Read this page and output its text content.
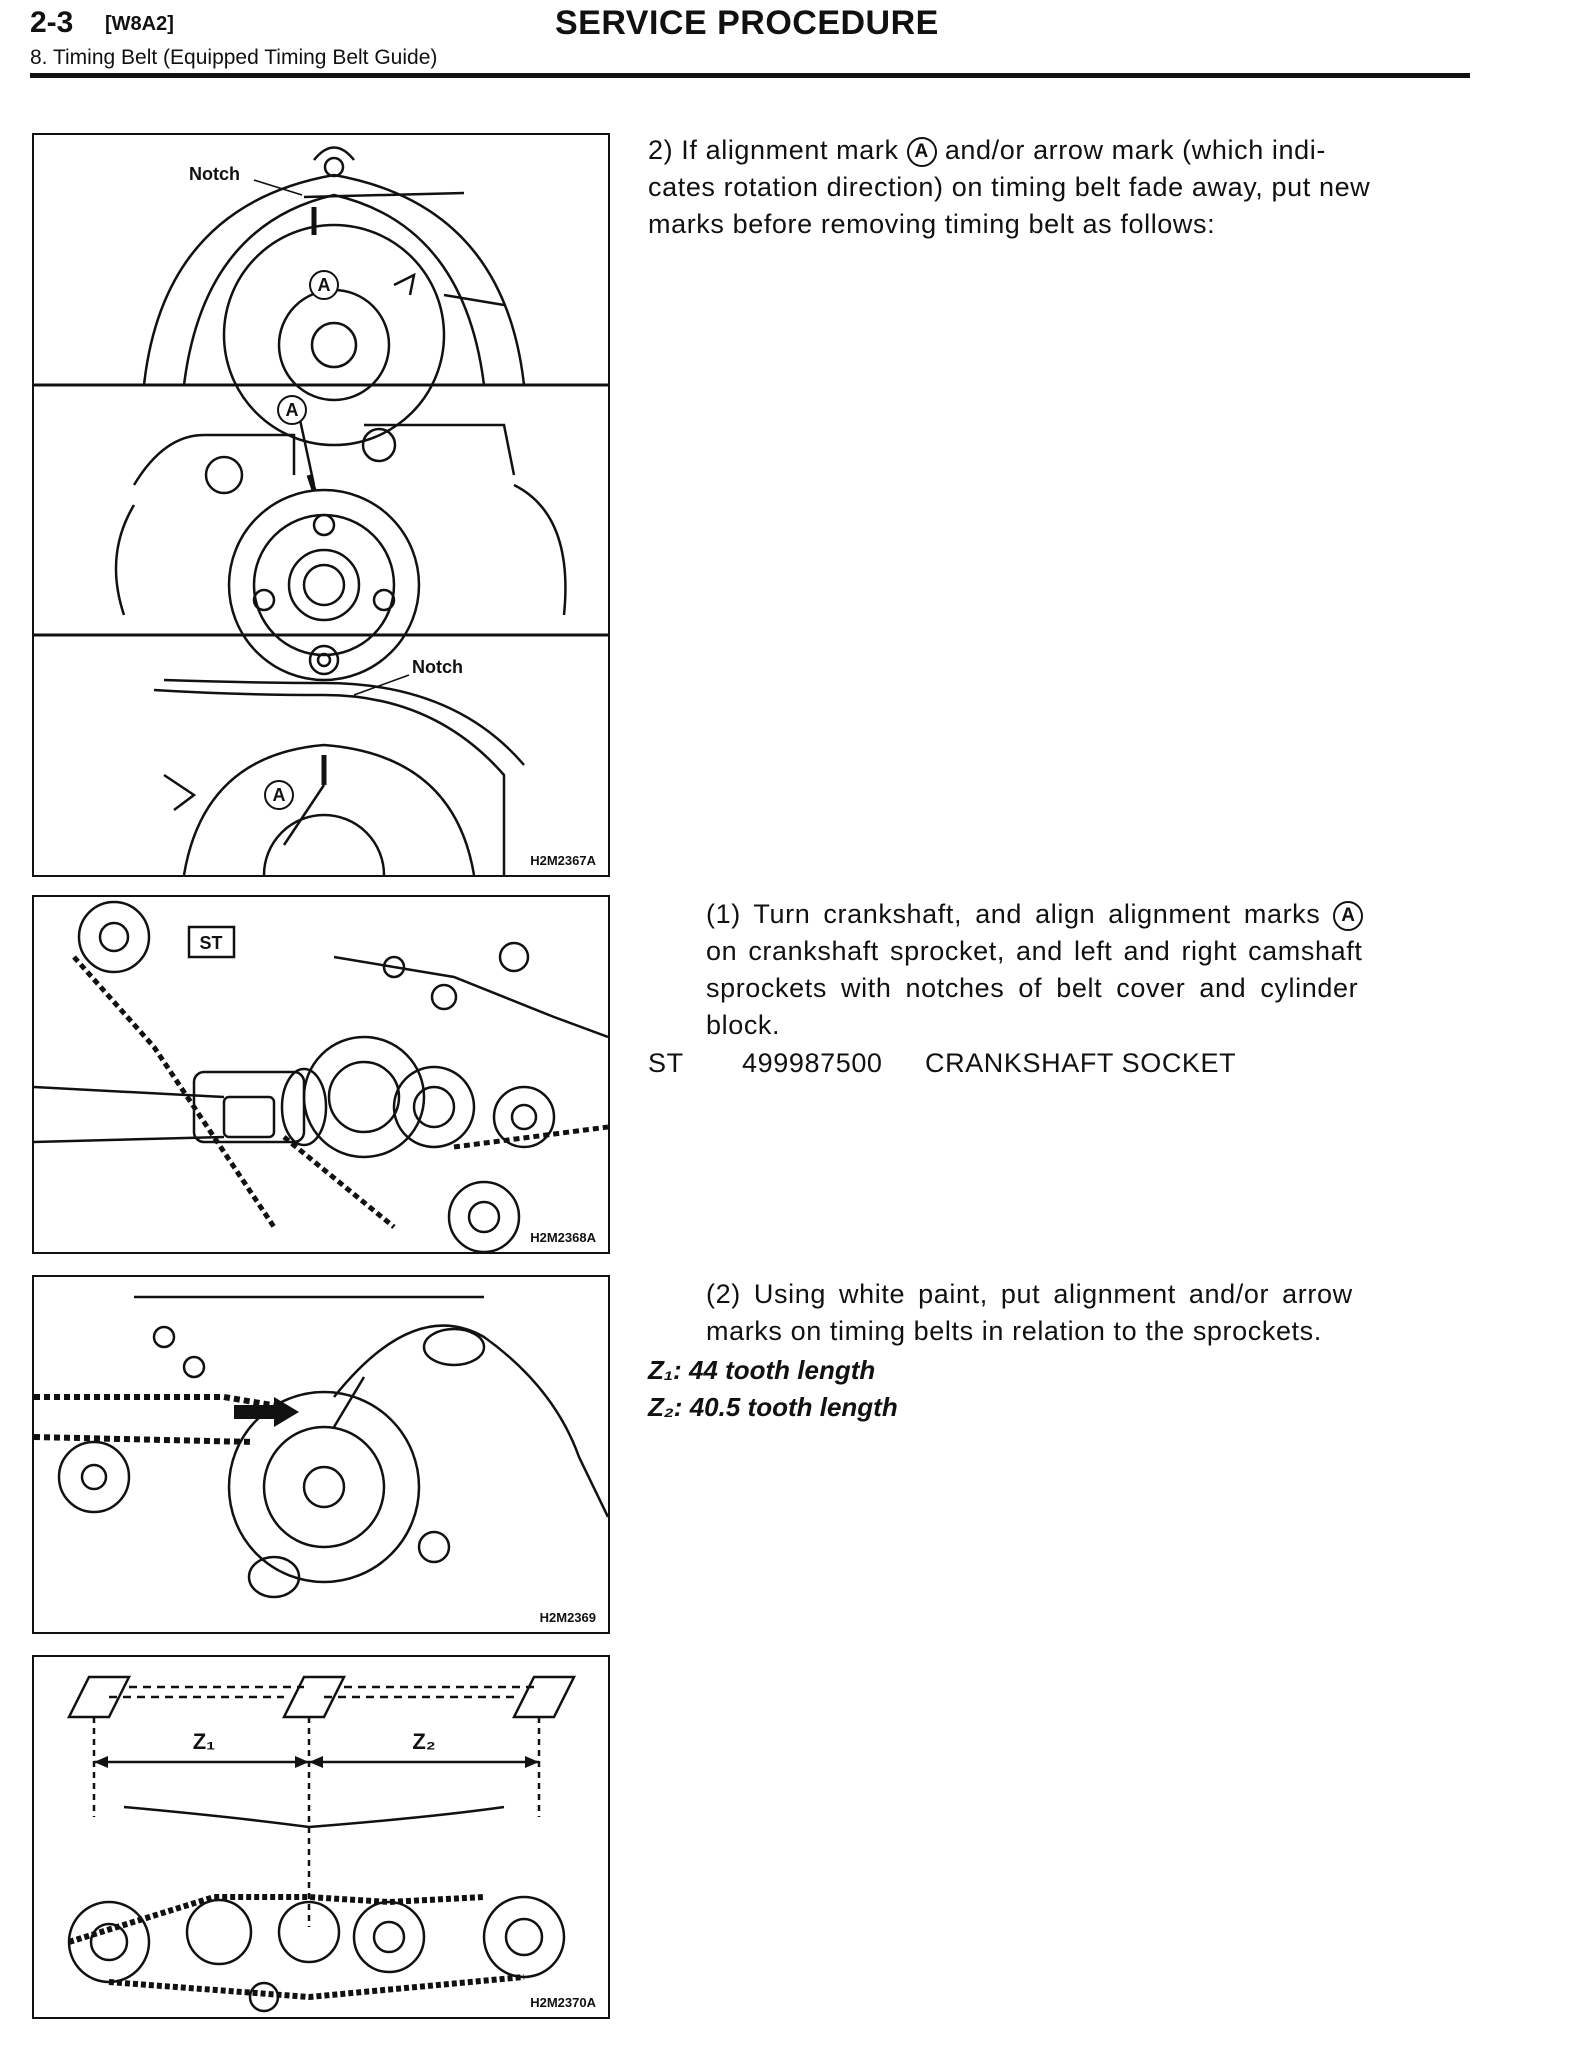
2-3 [W8A2]	SERVICE PROCEDURE
8. Timing Belt (Equipped Timing Belt Guide)
A
A
A
Notch
Notch
H2M2367A
ST
H2M2368A
H2M2369
Z₁	Z₂
H2M2370A
2) If alignment mark A and/or arrow mark (which indi-
cates rotation direction) on timing belt fade away, put new
marks before removing timing belt as follows:
(1) Turn crankshaft, and align alignment marks A
on crankshaft sprocket, and left and right camshaft
sprockets with notches of belt cover and cylinder
block.
ST 499987500 CRANKSHAFT SOCKET
(2) Using white paint, put alignment and/or arrow
marks on timing belts in relation to the sprockets.
Z₁: 44 tooth length
Z₂: 40.5 tooth length
